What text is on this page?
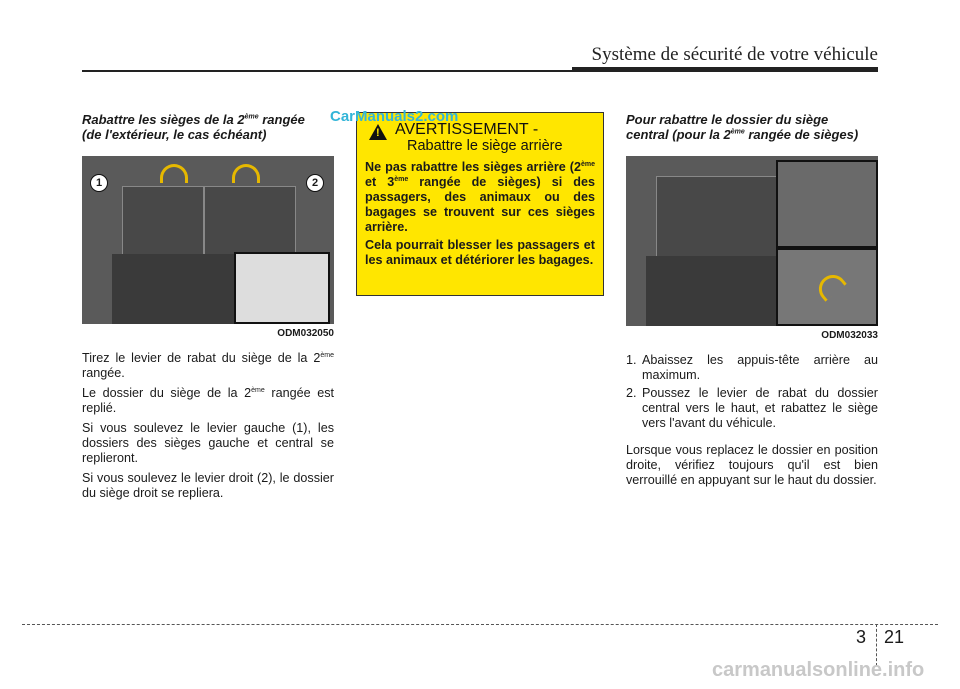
Système de sécurité de votre véhicule
Rabattre les sièges de la 2ème rangée
(de l'extérieur, le cas échéant)
1	2
ODM032050

Tirez le levier de rabat du siège de la 2ème rangée.

Le dossier du siège de la 2ème rangée est replié.

Si vous soulevez le levier gauche (1), les dossiers des sièges gauche et central se replieront.

Si vous soulevez le levier droit (2), le dossier du siège droit se repliera.

! AVERTISSEMENT -
Rabattre le siège arrière

Ne pas rabattre les sièges arrière (2ème et 3ème rangée de sièges) si des passagers, des animaux ou des bagages se trouvent sur ces sièges arrière.

Cela pourrait blesser les passagers et les animaux et détériorer les bagages.

CarManuals2.com	Pour rabattre le dossier du siège
central (pour la 2ème rangée de sièges)
ODM032033
1. Abaissez les appuis-tête arrière au maximum.
2. Poussez le levier de rabat du dossier central vers le haut, et rabattez le siège vers l'avant du véhicule.

Lorsque vous replacez le dossier en position droite, vérifiez toujours qu'il est bien verrouillé en appuyant sur le haut du dossier.

3 21
carmanualsonline.info
